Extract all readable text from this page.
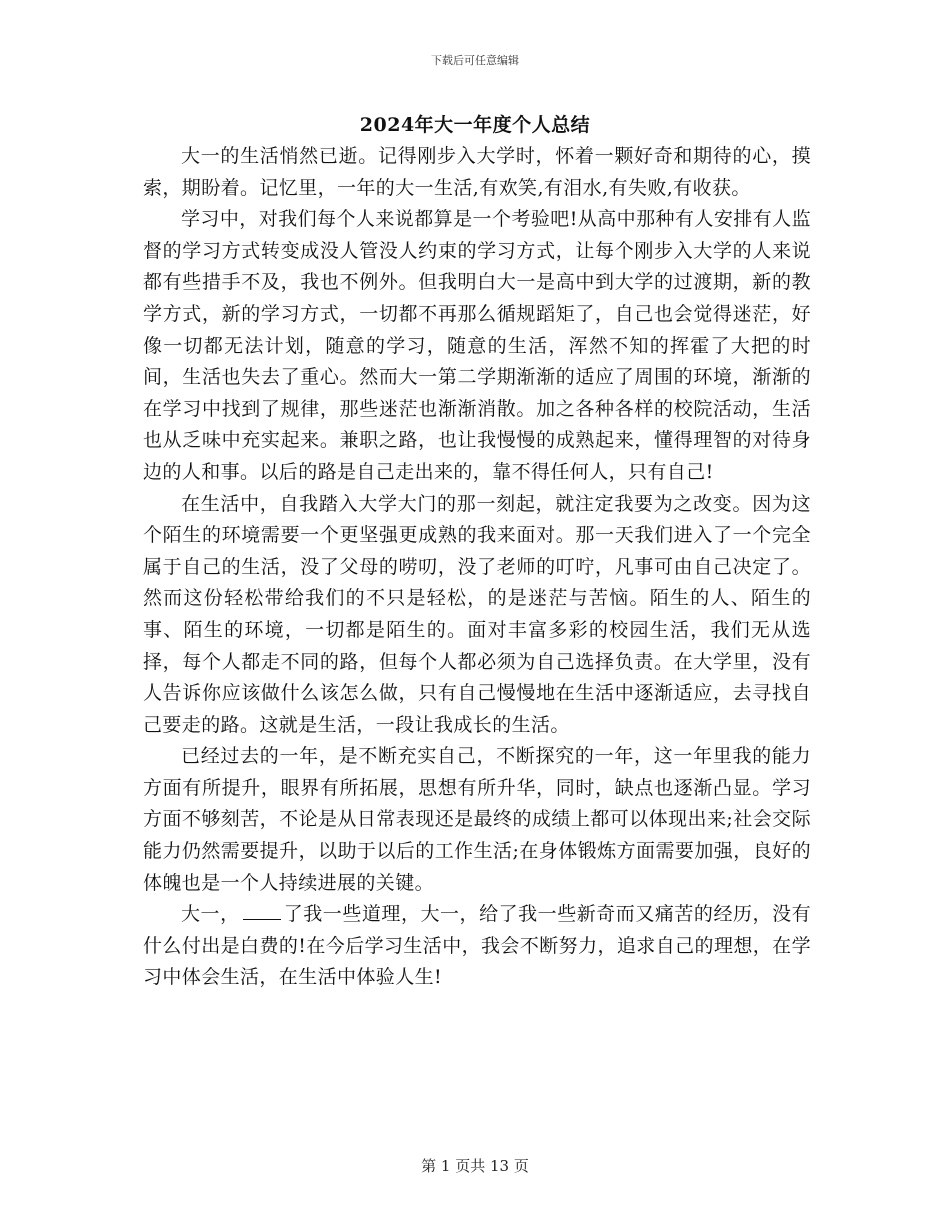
下载后可任意编辑
2024年大一年度个人总结

大一的生活悄然已逝。记得刚步入大学时，怀着一颗好奇和期待的心，摸索，期盼着。记忆里，一年的大一生活,有欢笑,有泪水,有失败,有收获。

学习中，对我们每个人来说都算是一个考验吧!从高中那种有人安排有人监督的学习方式转变成没人管没人约束的学习方式，让每个刚步入大学的人来说都有些措手不及，我也不例外。但我明白大一是高中到大学的过渡期，新的教学方式，新的学习方式，一切都不再那么循规蹈矩了，自己也会觉得迷茫，好像一切都无法计划，随意的学习，随意的生活，浑然不知的挥霍了大把的时间，生活也失去了重心。然而大一第二学期渐渐的适应了周围的环境，渐渐的在学习中找到了规律，那些迷茫也渐渐消散。加之各种各样的校院活动，生活也从乏味中充实起来。兼职之路，也让我慢慢的成熟起来，懂得理智的对待身边的人和事。以后的路是自己走出来的，靠不得任何人，只有自己!

在生活中，自我踏入大学大门的那一刻起，就注定我要为之改变。因为这个陌生的环境需要一个更坚强更成熟的我来面对。那一天我们进入了一个完全属于自己的生活，没了父母的唠叨，没了老师的叮咛，凡事可由自己决定了。然而这份轻松带给我们的不只是轻松，的是迷茫与苦恼。陌生的人、陌生的事、陌生的环境，一切都是陌生的。面对丰富多彩的校园生活，我们无从选择，每个人都走不同的路，但每个人都必须为自己选择负责。在大学里，没有人告诉你应该做什么该怎么做，只有自己慢慢地在生活中逐渐适应，去寻找自己要走的路。这就是生活，一段让我成长的生活。

已经过去的一年，是不断充实自己，不断探究的一年，这一年里我的能力方面有所提升，眼界有所拓展，思想有所升华，同时，缺点也逐渐凸显。学习方面不够刻苦，不论是从日常表现还是最终的成绩上都可以体现出来;社会交际能力仍然需要提升，以助于以后的工作生活;在身体锻炼方面需要加强，良好的体魄也是一个人持续进展的关键。

大一， 了我一些道理，大一，给了我一些新奇而又痛苦的经历，没有什么付出是白费的!在今后学习生活中，我会不断努力，追求自己的理想，在学习中体会生活，在生活中体验人生!

第 1 页共 13 页
